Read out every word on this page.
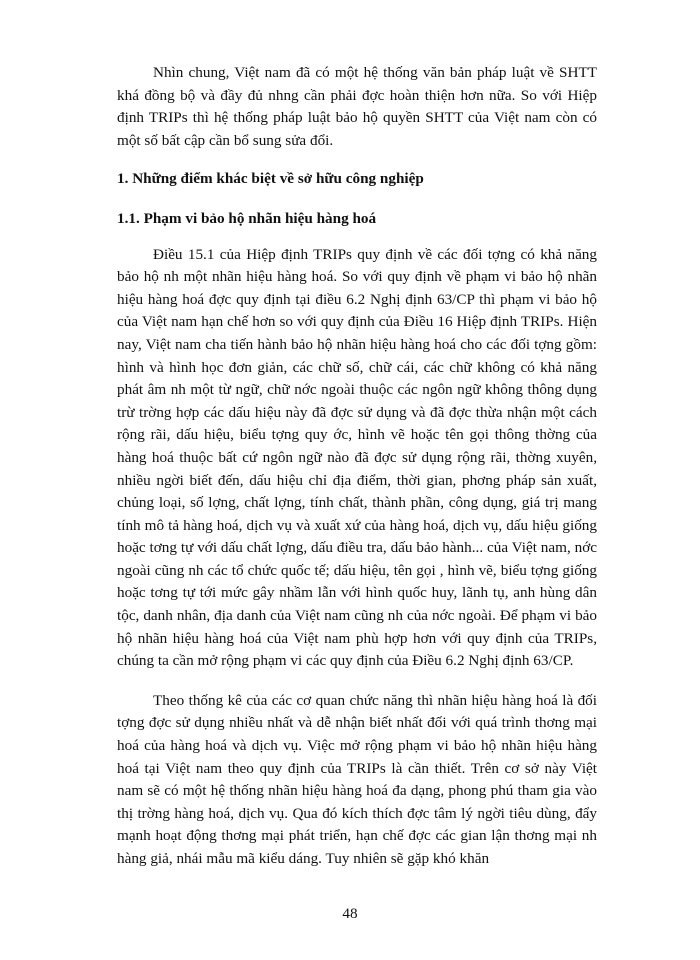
Nhìn chung, Việt nam đã có một hệ thống văn bản pháp luật về SHTT khá đồng bộ và đầy đủ nhng cần phải đợc hoàn thiện hơn nữa. So với Hiệp định TRIPs thì hệ thống pháp luật bảo hộ quyền SHTT của Việt nam còn có một số bất cập cần bổ sung sửa đổi.

1. Những điểm khác biệt về sở hữu công nghiệp

1.1. Phạm vi bảo hộ nhãn hiệu hàng hoá

Điều 15.1 của Hiệp định TRIPs quy định về các đối tợng có khả năng bảo hộ nh một nhãn hiệu hàng hoá. So với quy định về phạm vi bảo hộ nhãn hiệu hàng hoá đợc quy định tại điều 6.2 Nghị định 63/CP thì phạm vi bảo hộ của Việt nam hạn chế hơn so với quy định của Điều 16 Hiệp định TRIPs. Hiện nay, Việt nam cha tiến hành bảo hộ nhãn hiệu hàng hoá cho các đối tợng gồm: hình và hình học đơn giản, các chữ số, chữ cái, các chữ không có khả năng phát âm nh một từ ngữ, chữ nớc ngoài thuộc các ngôn ngữ không thông dụng trừ trờng hợp các dấu hiệu này đã đợc sử dụng và đã đợc thừa nhận một cách rộng rãi, dấu hiệu, biểu tợng quy ớc, hình vẽ hoặc tên gọi thông thờng của hàng hoá thuộc bất cứ ngôn ngữ nào đã đợc sử dụng rộng rãi, thờng xuyên, nhiều ngời biết đến, dấu hiệu chỉ địa điểm, thời gian, phơng pháp sản xuất, chủng loại, số lợng, chất lợng, tính chất, thành phần, công dụng, giá trị mang tính mô tả hàng hoá, dịch vụ và xuất xứ của hàng hoá, dịch vụ, dấu hiệu giống hoặc tơng tự với dấu chất lợng, dấu điều tra, dấu bảo hành... của Việt nam, nớc ngoài cũng nh các tổ chức quốc tế; dấu hiệu, tên gọi , hình vẽ, biểu tợng giống hoặc tơng tự tới mức gây nhầm lẫn với hình quốc huy, lãnh tụ, anh hùng dân tộc, danh nhân, địa danh của Việt nam cũng nh của nớc ngoài. Để phạm vi bảo hộ nhãn hiệu hàng hoá của Việt nam phù hợp hơn với quy định của TRIPs, chúng ta cần mở rộng phạm vi các quy định của Điều 6.2 Nghị định 63/CP.

Theo thống kê của các cơ quan chức năng thì nhãn hiệu hàng hoá là đối tợng đợc sử dụng nhiều nhất và dễ nhận biết nhất đối với quá trình thơng mại hoá của hàng hoá và dịch vụ. Việc mở rộng phạm vi bảo hộ nhãn hiệu hàng hoá tại Việt nam theo quy định của TRIPs là cần thiết. Trên cơ sở này Việt nam sẽ có một hệ thống nhãn hiệu hàng hoá đa dạng, phong phú tham gia vào thị trờng hàng hoá, dịch vụ. Qua đó kích thích đợc tâm lý ngời tiêu dùng, đẩy mạnh hoạt động thơng mại phát triển, hạn chế đợc các gian lận thơng mại nh hàng giả, nhái mẫu mã kiểu dáng. Tuy nhiên sẽ gặp khó khăn

48
